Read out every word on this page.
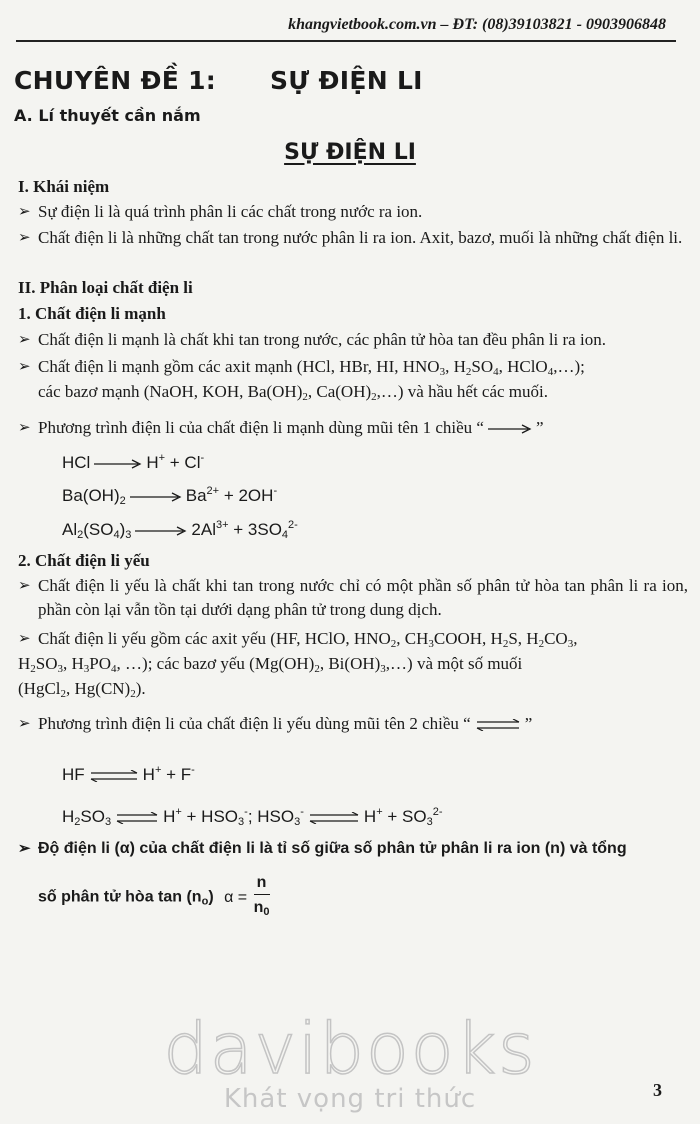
khangvietbook.com.vn – ĐT: (08)39103821 - 0903906848
CHUYÊN ĐỀ 1: SỰ ĐIỆN LI
A. Lí thuyết cần nắm
SỰ ĐIỆN LI
I. Khái niệm
➢ Sự điện li là quá trình phân li các chất trong nước ra ion.
➢ Chất điện li là những chất tan trong nước phân li ra ion. Axit, bazơ, muối là những chất điện li.
II. Phân loại chất điện li
1. Chất điện li mạnh
➢ Chất điện li mạnh là chất khi tan trong nước, các phân tử hòa tan đều phân li ra ion.
➢ Chất điện li mạnh gồm các axit mạnh (HCl, HBr, HI, $HNO_3$, $H_2SO_4$, HClO$_4$,…);
các bazơ mạnh (NaOH, KOH, $Ba(OH)_2$, $Ca(OH)_2,\dots$) và hầu hết các muối.
➢ Phương trình điện li của chất điện li mạnh dùng mũi tên 1 chiều “	”
HCl	H+ + Cl-
$Ba(OH)_2$	$Ba^{2+} + 2OH^-$
$Al_2(SO_4)_3$	$2Al^{3+} + 3SO_4^{2-}$
2. Chất điện li yếu
➢ Chất điện li yếu là chất khi tan trong nước chỉ có một phần số phân tử hòa tan phân li ra ion, phần còn lại vẫn tồn tại dưới dạng phân tử trong dung dịch.
➢ Chất điện li yếu gồm các axit yếu (HF, HClO, $HNO_2$, $CH_3COOH$, $H_2S$, $H_2CO_3$,
$H_2SO_3$, $H_3PO_4$, …); các bazơ yếu ($Mg(OH)_2$, $Bi(OH)_3,\dots$) và một số muối
(HgCl$_2$, $Hg(CN)_2$).
➢ Phương trình điện li của chất điện li yếu dùng mũi tên 2 chiều “ ⇌ ”
HF ⇌ H+ + F-
$H_2SO_3$ ⇌ $H^+ + HSO_3^-$; $HSO_3^-$ ⇌ $H^+ + SO_3^{2-}$
➢ Độ điện li (α) của chất điện li là tỉ số giữa số phân tử phân li ra ion (n) và tổng
số phân tử hòa $\tan (n_o) \alpha = \frac{n}{n_0}$
davibooks
Khát vọng tri thức	3
